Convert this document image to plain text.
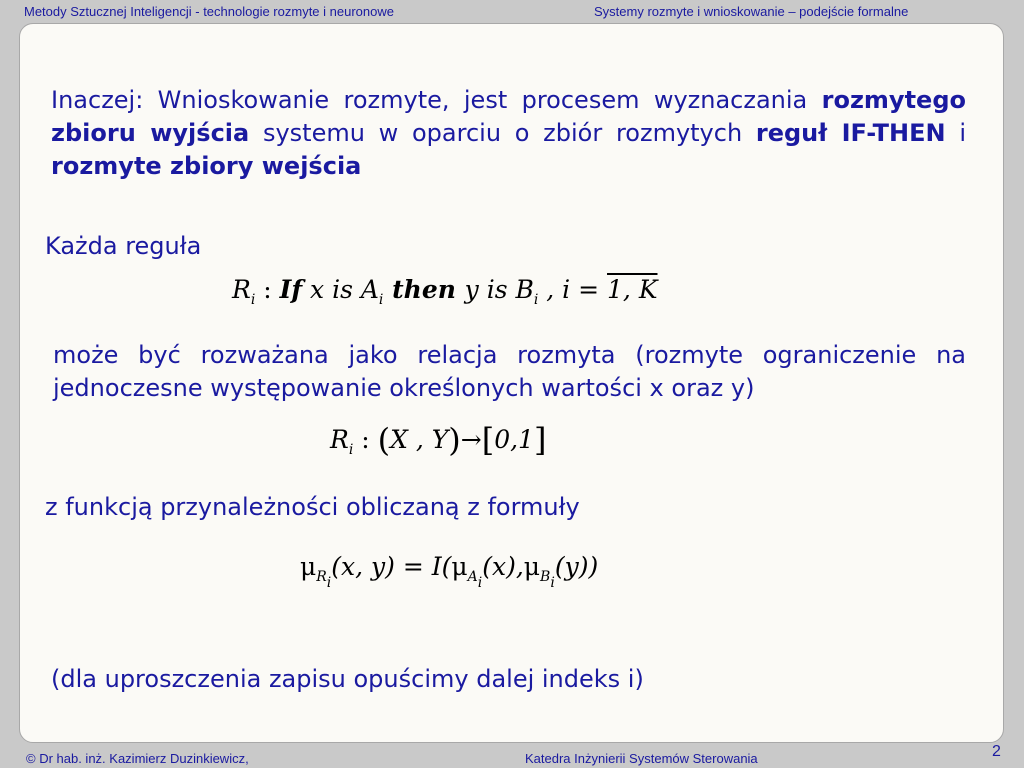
Metody Sztucznej Inteligencji - technologie rozmyte i neuronowe	Systemy rozmyte i wnioskowanie – podejście formalne
Inaczej: Wnioskowanie rozmyte, jest procesem wyznaczania rozmytego zbioru wyjścia systemu w oparciu o zbiór rozmytych reguł IF-THEN i rozmyte zbiory wejścia
Każda reguła
$R_i$ : If x is $A_i$ then y is $B_i$ , i = 1, K
może być rozważana jako relacja rozmyta (rozmyte ograniczenie na jednoczesne występowanie określonych wartości x oraz y)
$R_i$ : (X , Y)→[0,1]
z funkcją przynależności obliczaną z formuły
$\mu_{R_i}(x$, $y) = I(\mu_{A_i}(x),\mu_{B_i}(y))$
(dla uproszczenia zapisu opuścimy dalej indeks i)
© Dr hab. inż. Kazimierz Duzinkiewicz,	Katedra Inżynierii Systemów Sterowania	2
